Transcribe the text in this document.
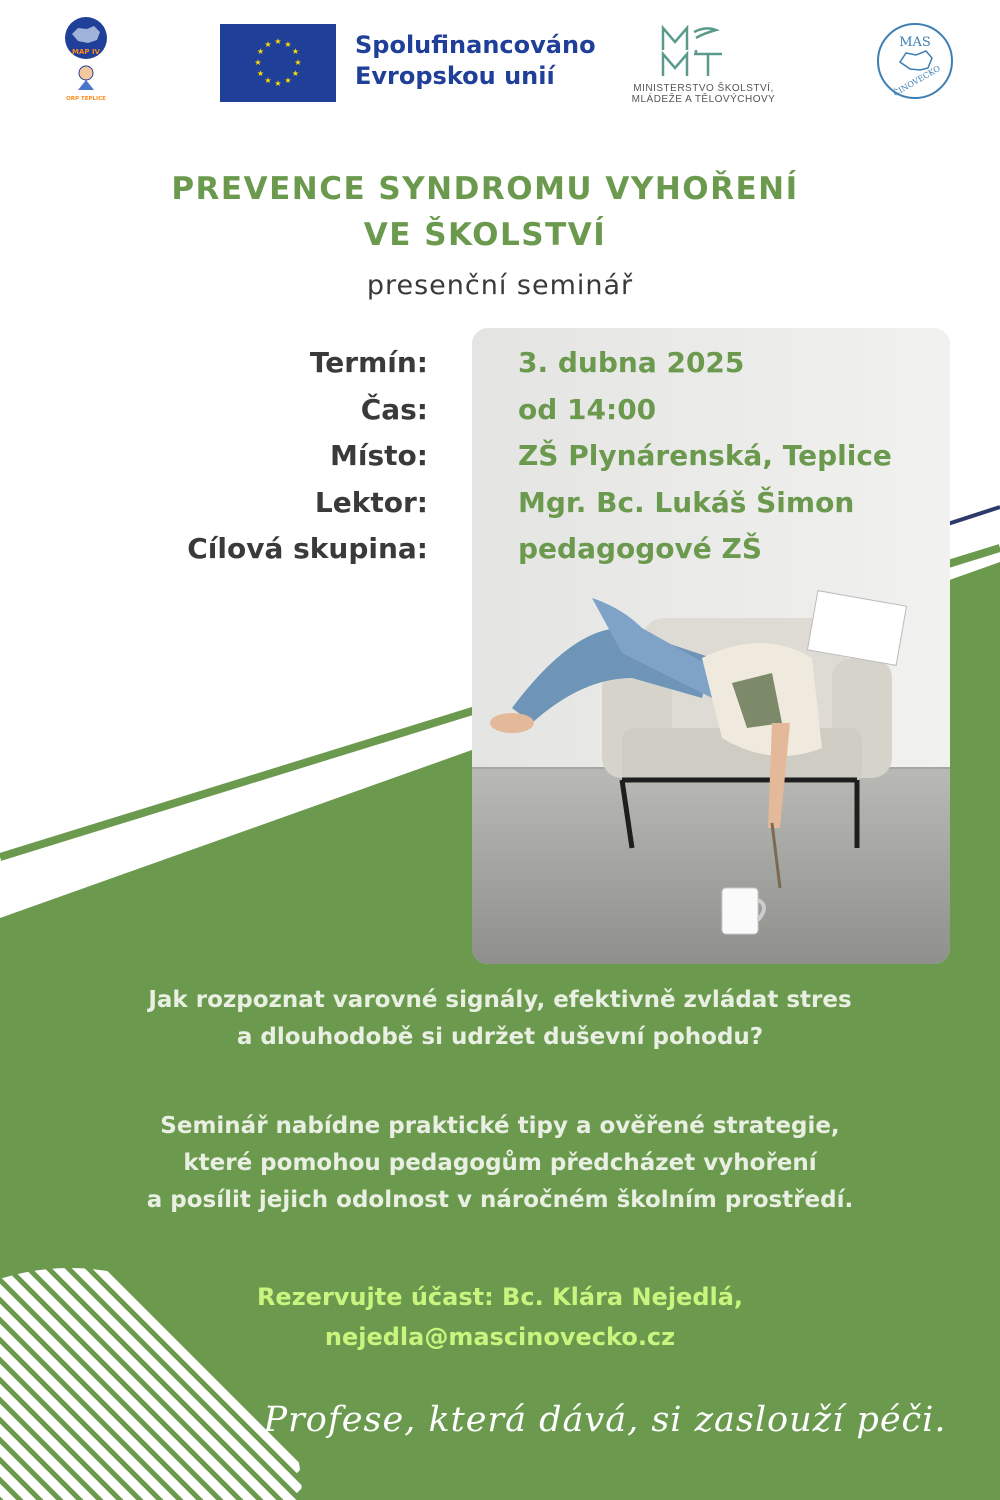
MAP IV
ORP TEPLICE
★ ★
★
★
★
★
★
★
★
★
★
★	Spolufinancováno
Evropskou unií	MINISTERSTVO ŠKOLSTVÍ,
MLÁDEŽE A TĚLOVÝCHOVY
MAS
ČINOVECKO
PREVENCE SYNDROMU VYHOŘENÍ
VE ŠKOLSTVÍ
presenční seminář
Termín:
Čas:
Místo:
Lektor:
Cílová skupina:
3. dubna 2025
od 14:00
ZŠ Plynárenská, Teplice
Mgr. Bc. Lukáš Šimon
pedagogové ZŠ
Jak rozpoznat varovné signály, efektivně zvládat stres
a dlouhodobě si udržet duševní pohodu?
Seminář nabídne praktické tipy a ověřené strategie,
které pomohou pedagogům předcházet vyhoření
a posílit jejich odolnost v náročném školním prostředí.
Rezervujte účast: Bc. Klára Nejedlá,
nejedla@mascinovecko.cz
Profese, která dává, si zaslouží péči.
